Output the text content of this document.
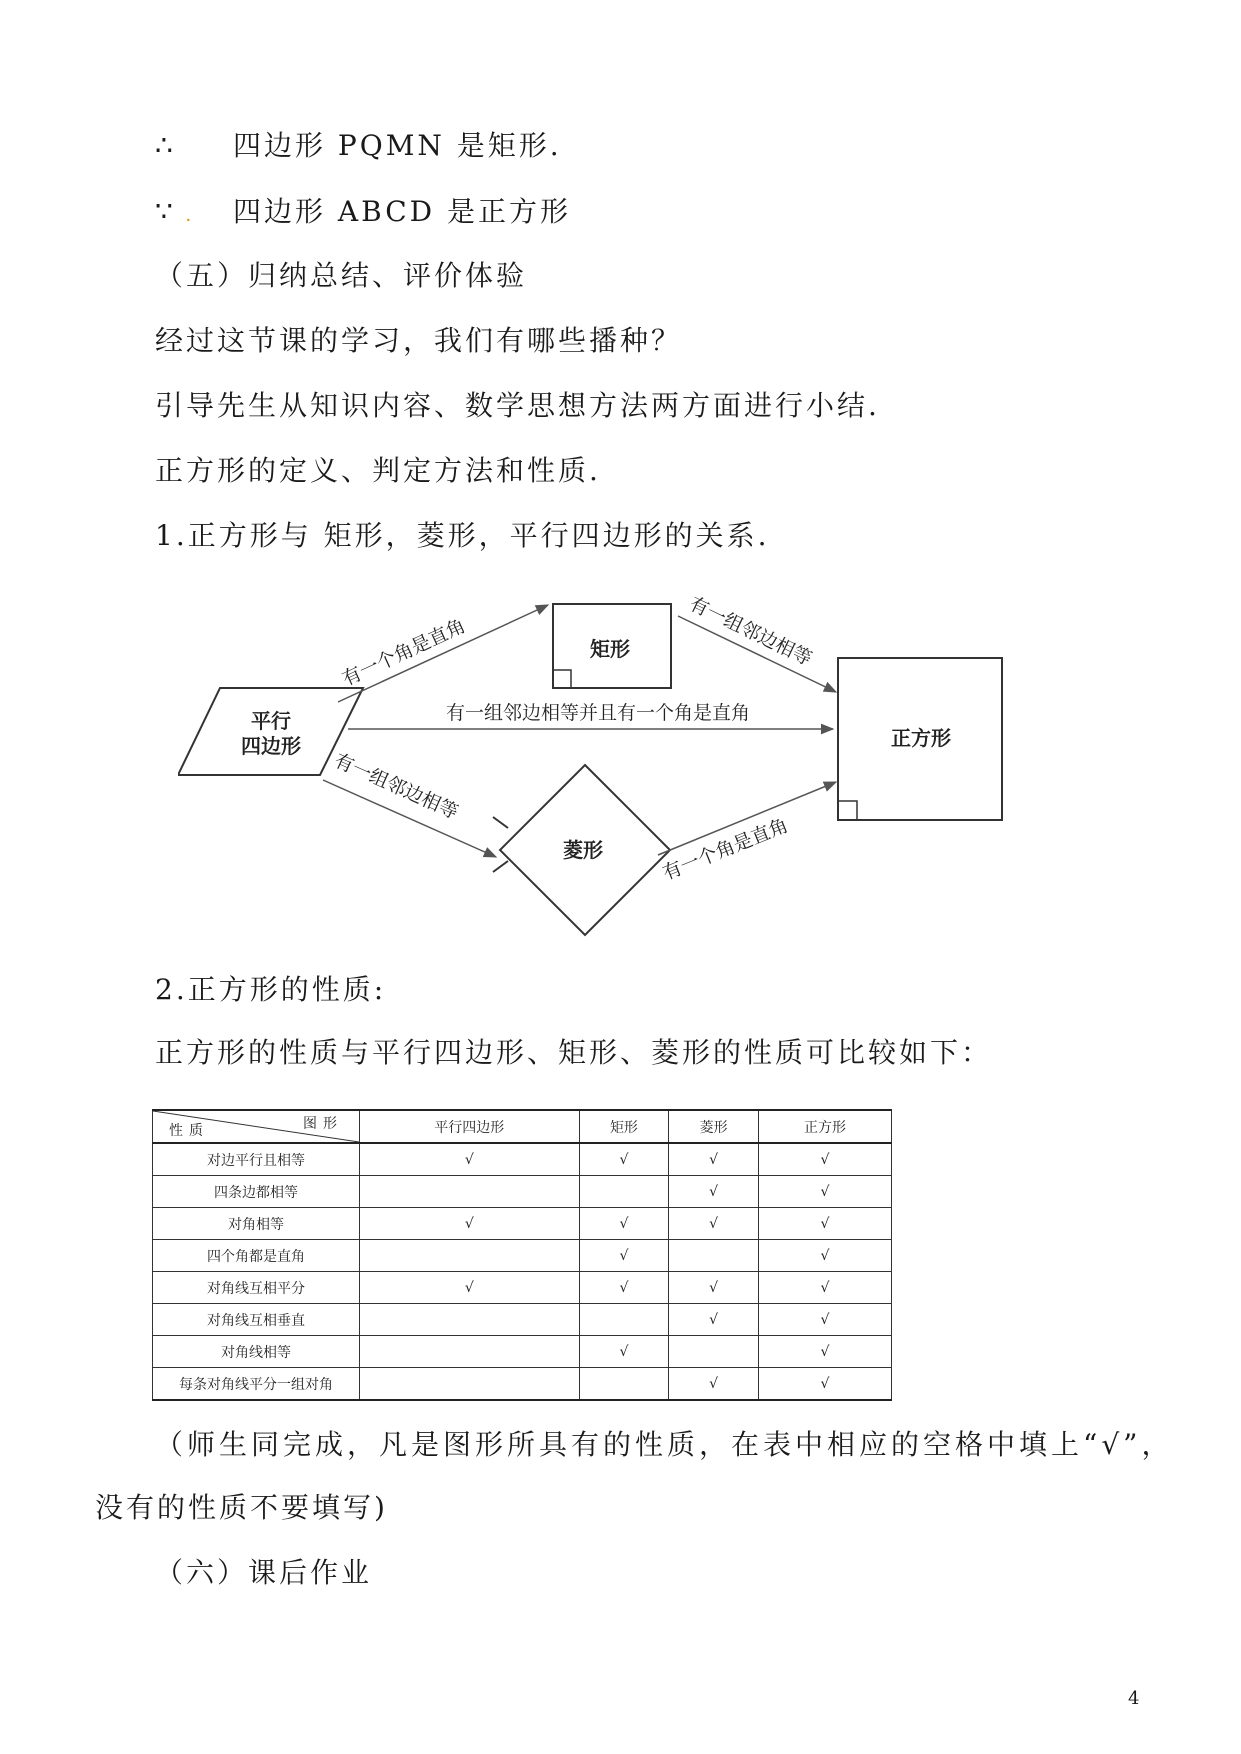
∴ 四边形 PQMN 是矩形.
∵ . 四边形 ABCD 是正方形
（五）归纳总结、评价体验
经过这节课的学习，我们有哪些播种？
引导先生从知识内容、数学思想方法两方面进行小结.
正方形的定义、判定方法和性质.
1.正方形与 矩形，菱形，平行四边形的关系.
平行
四边形
矩形
菱形
正方形
有一个角是直角	有一组邻边相等
有一组邻边相等并且有一个角是直角
有一组邻边相等
有一个角是直角
2.正方形的性质:
正方形的性质与平行四边形、矩形、菱形的性质可比较如下：
图形
性质	平行四边形	矩形	菱形	正方形
对边平行且相等	√	√	√	√
四条边都相等			√	√
对角相等	√	√	√	√
四个角都是直角		√		√
对角线互相平分	√	√	√	√
对角线互相垂直			√	√
对角线相等		√		√
每条对角线平分一组对角			√	√
（师生同完成，凡是图形所具有的性质，在表中相应的空格中填上“√”，
没有的性质不要填写)
（六）课后作业
4
